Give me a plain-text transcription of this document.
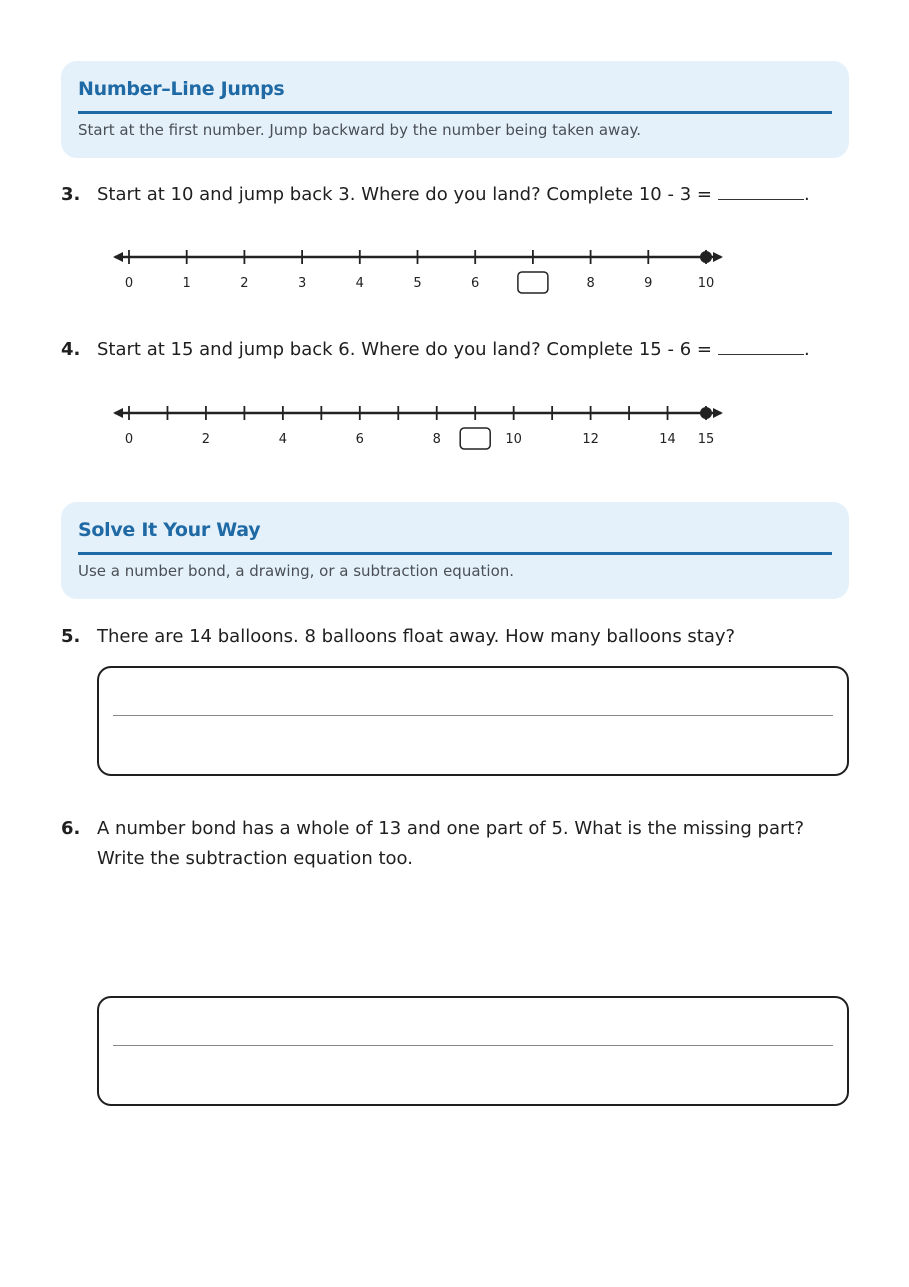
Number–Line Jumps
Start at the first number. Jump backward by the number being taken away.
3. Start at 10 and jump back 3. Where do you land? Complete 10 - 3 =	.
0	1	2	3	4	5	6	8	9	10
4. Start at 15 and jump back 6. Where do you land? Complete 15 - 6 =	.
0	2	4	6	8	10	12	14 15
Solve It Your Way
Use a number bond, a drawing, or a subtraction equation.
5. There are 14 balloons. 8 balloons float away. How many balloons stay?
6. A number bond has a whole of 13 and one part of 5. What is the missing part?
Write the subtraction equation too.
